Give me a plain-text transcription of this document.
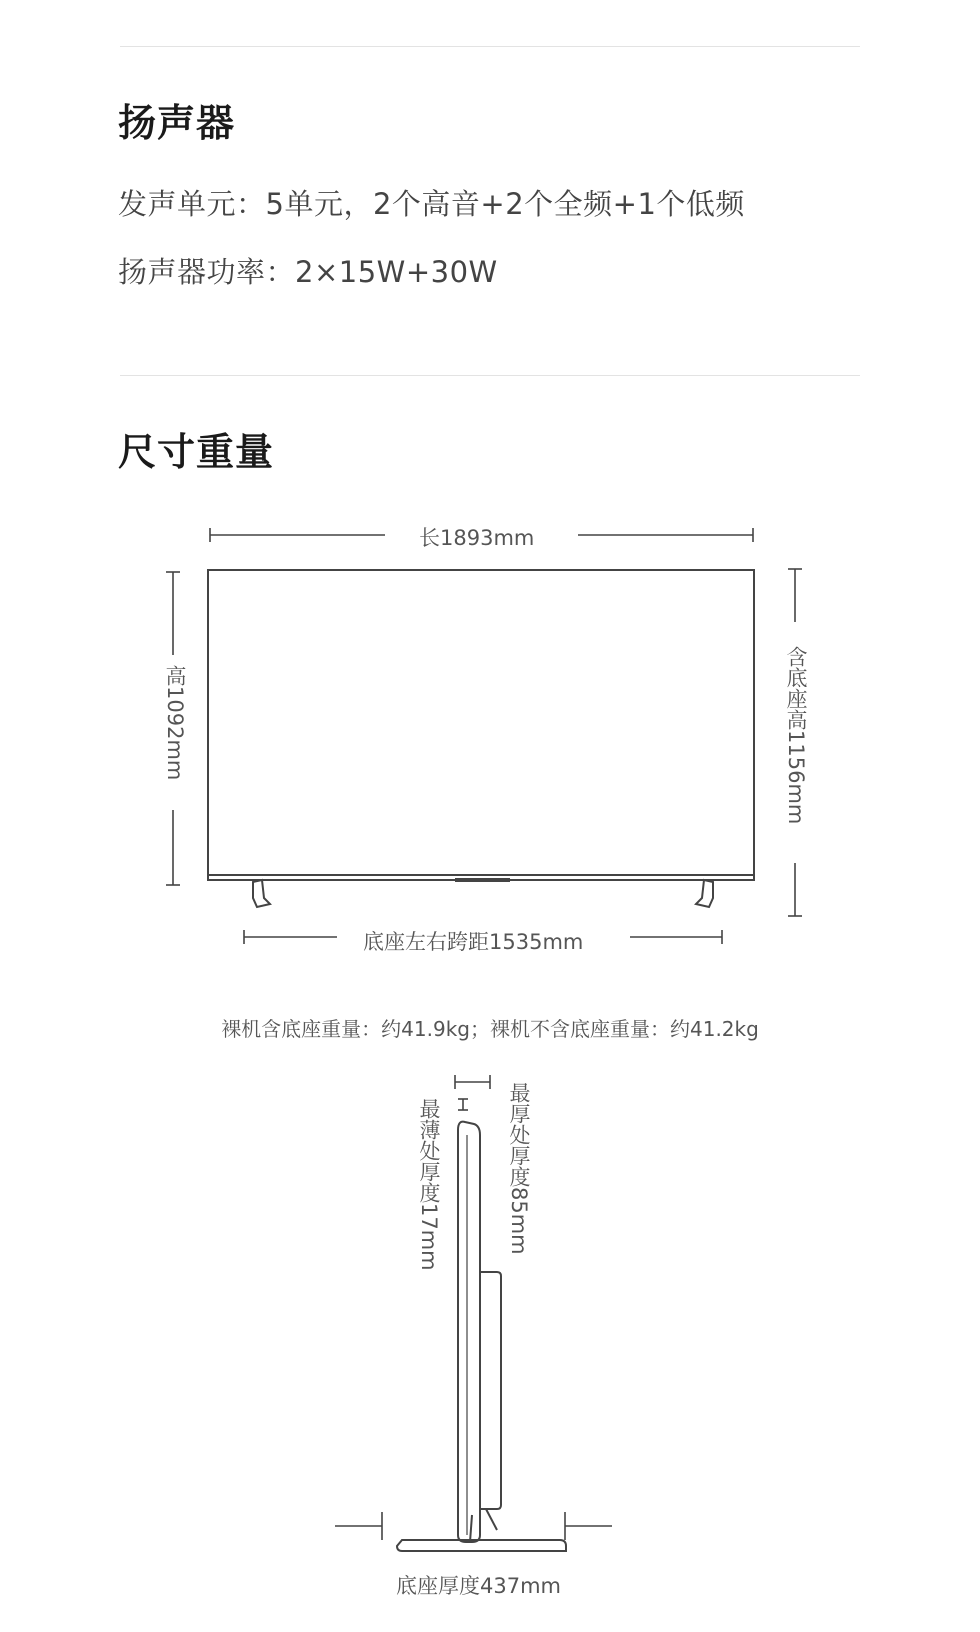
扬声器
发声单元：5单元，2个高音+2个全频+1个低频
扬声器功率：2×15W+30W
尺寸重量
长1893mm
高1092mm	含底座高1156mm
底座左右跨距1535mm
裸机含底座重量：约41.9kg；裸机不含底座重量：约41.2kg
最薄处厚度17mm	最厚处厚度85mm
底座厚度437mm
